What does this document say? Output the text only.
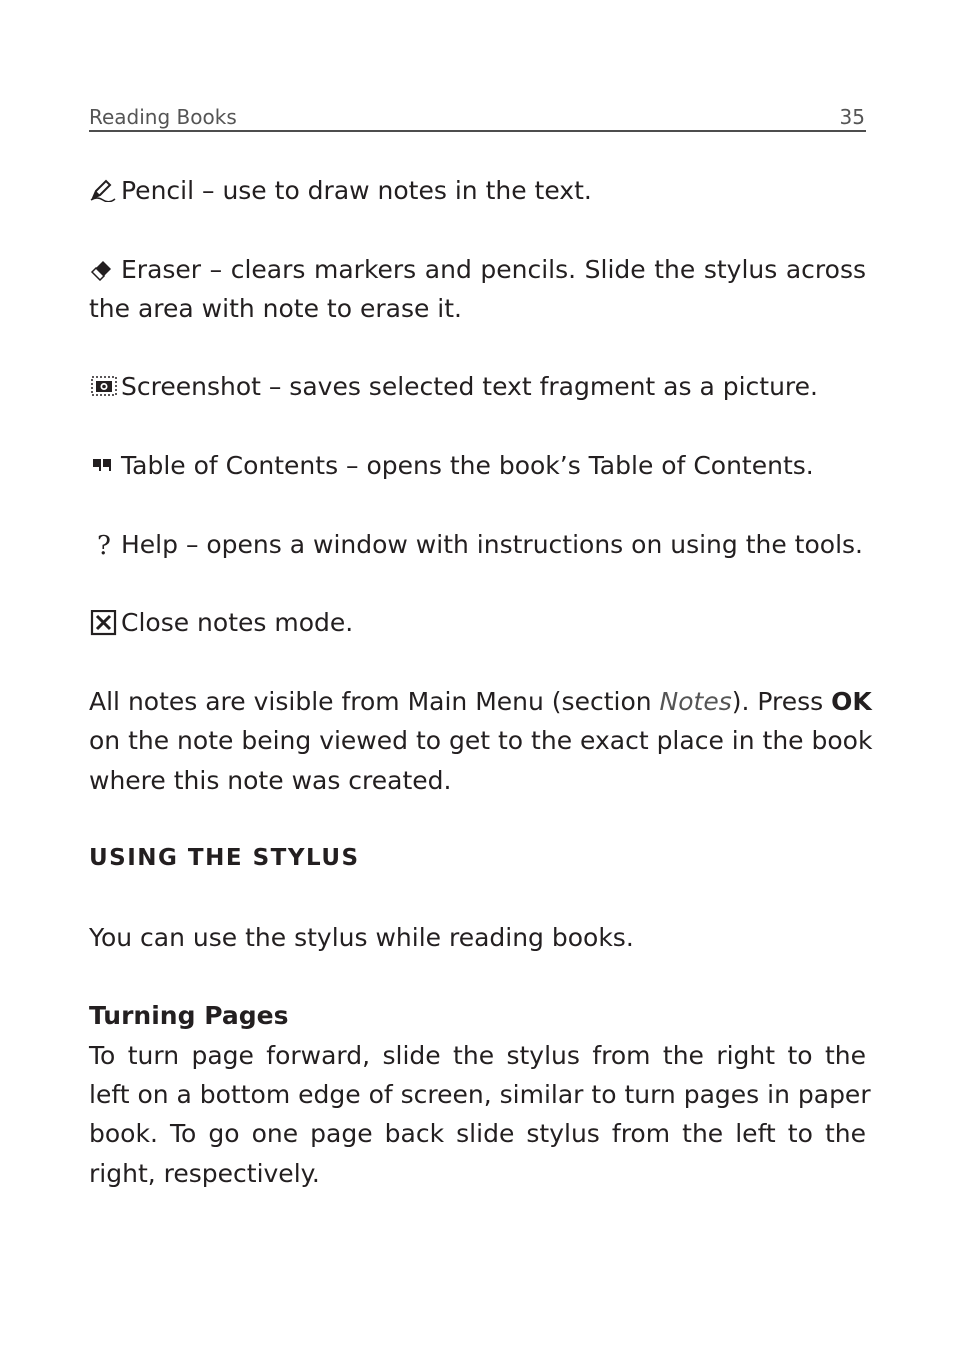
Reading Books	35
Pencil – use to draw notes in the text.
Eraser – clears markers and pencils. Slide the stylus across
the area with note to erase it.
Screenshot – saves selected text fragment as a picture.
Table of Contents – opens the book’s Table of Contents.
? Help – opens a window with instructions on using the tools.
Close notes mode.
All notes are visible from Main Menu (section Notes). Press OK
on the note being viewed to get to the exact place in the book
where this note was created.
USING THE STYLUS
You can use the stylus while reading books.
Turning Pages
To turn page forward, slide the stylus from the right to the
left on a bottom edge of screen, similar to turn pages in paper
book. To go one page back slide stylus from the left to the
right, respectively.
